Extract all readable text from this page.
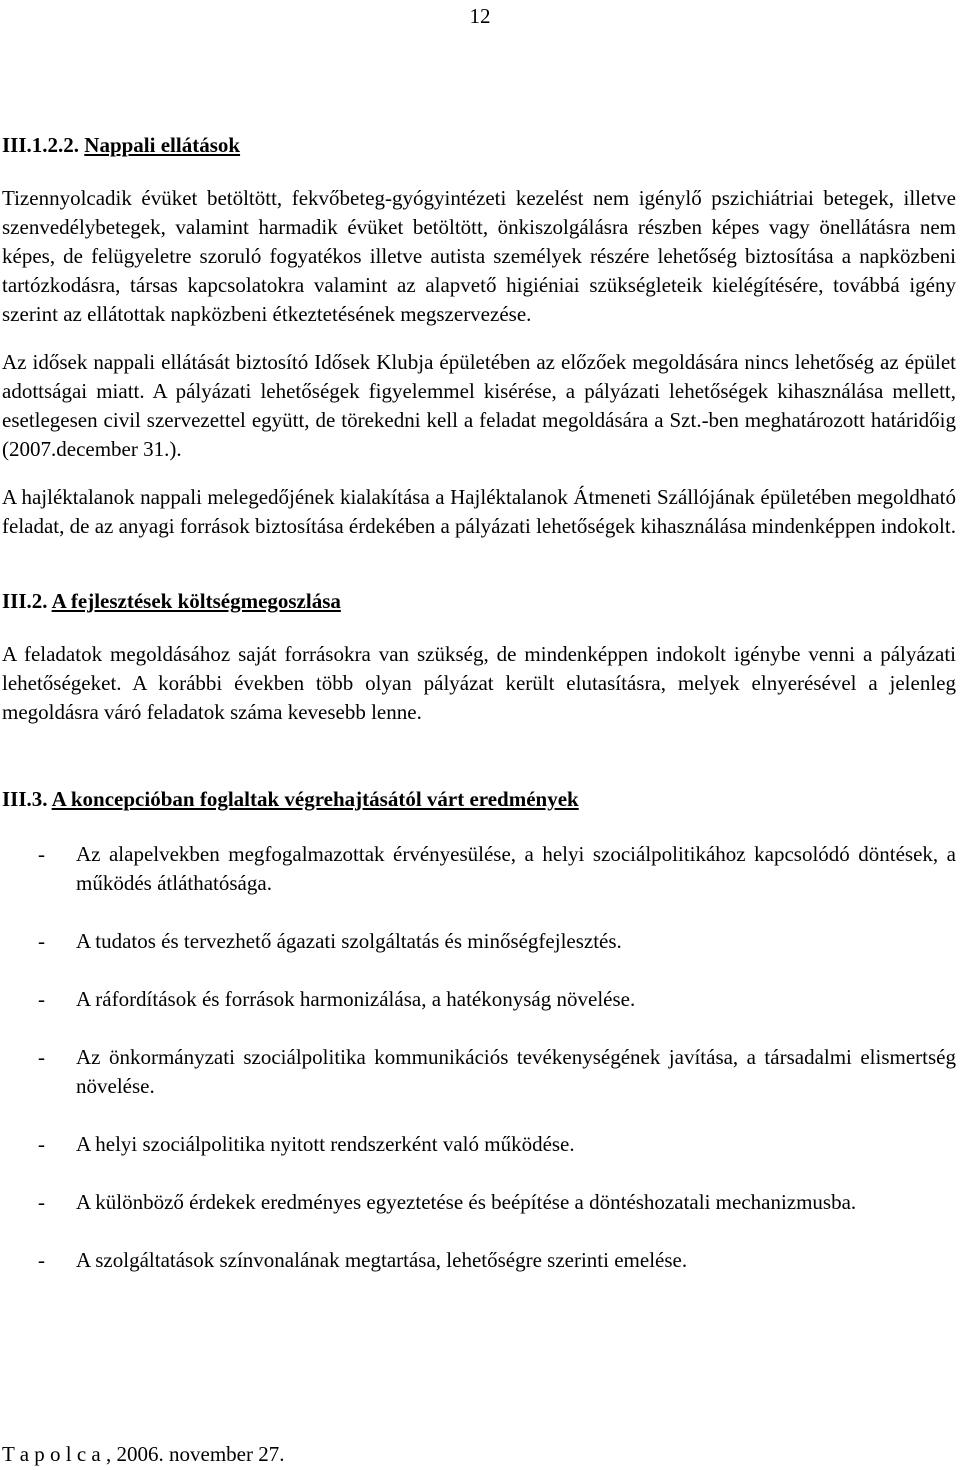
12
III.1.2.2. Nappali ellátások

Tizennyolcadik évüket betöltött, fekvőbeteg-gyógyintézeti kezelést nem igénylő pszichiátriai betegek, illetve szenvedélybetegek, valamint harmadik évüket betöltött, önkiszolgálásra részben képes vagy önellátásra nem képes, de felügyeletre szoruló fogyatékos illetve autista személyek részére lehetőség biztosítása a napközbeni tartózkodásra, társas kapcsolatokra valamint az alapvető higiéniai szükségleteik kielégítésére, továbbá igény szerint az ellátottak napközbeni étkeztetésének megszervezése.

Az idősek nappali ellátását biztosító Idősek Klubja épületében az előzőek megoldására nincs lehetőség az épület adottságai miatt. A pályázati lehetőségek figyelemmel kisérése, a pályázati lehetőségek kihasználása mellett, esetlegesen civil szervezettel együtt, de törekedni kell a feladat megoldására a Szt.-ben meghatározott határidőig (2007.december 31.).

A hajléktalanok nappali melegedőjének kialakítása a Hajléktalanok Átmeneti Szállójának épületében megoldható feladat, de az anyagi források biztosítása érdekében a pályázati lehetőségek kihasználása mindenképpen indokolt.

III.2. A fejlesztések költségmegoszlása

A feladatok megoldásához saját forrásokra van szükség, de mindenképpen indokolt igénybe venni a pályázati lehetőségeket. A korábbi években több olyan pályázat került elutasításra, melyek elnyerésével a jelenleg megoldásra váró feladatok száma kevesebb lenne.

III.3. A koncepcióban foglaltak végrehajtásától várt eredmények
- Az alapelvekben megfogalmazottak érvényesülése, a helyi szociálpolitikához kapcsolódó döntések, a működés átláthatósága.
- A tudatos és tervezhető ágazati szolgáltatás és minőségfejlesztés.
- A ráfordítások és források harmonizálása, a hatékonyság növelése.
- Az önkormányzati szociálpolitika kommunikációs tevékenységének javítása, a társadalmi elismertség növelése.
- A helyi szociálpolitika nyitott rendszerként való működése.
- A különböző érdekek eredményes egyeztetése és beépítése a döntéshozatali mechanizmusba.
- A szolgáltatások színvonalának megtartása, lehetőségre szerinti emelése.
T a p o l c a , 2006. november 27.
